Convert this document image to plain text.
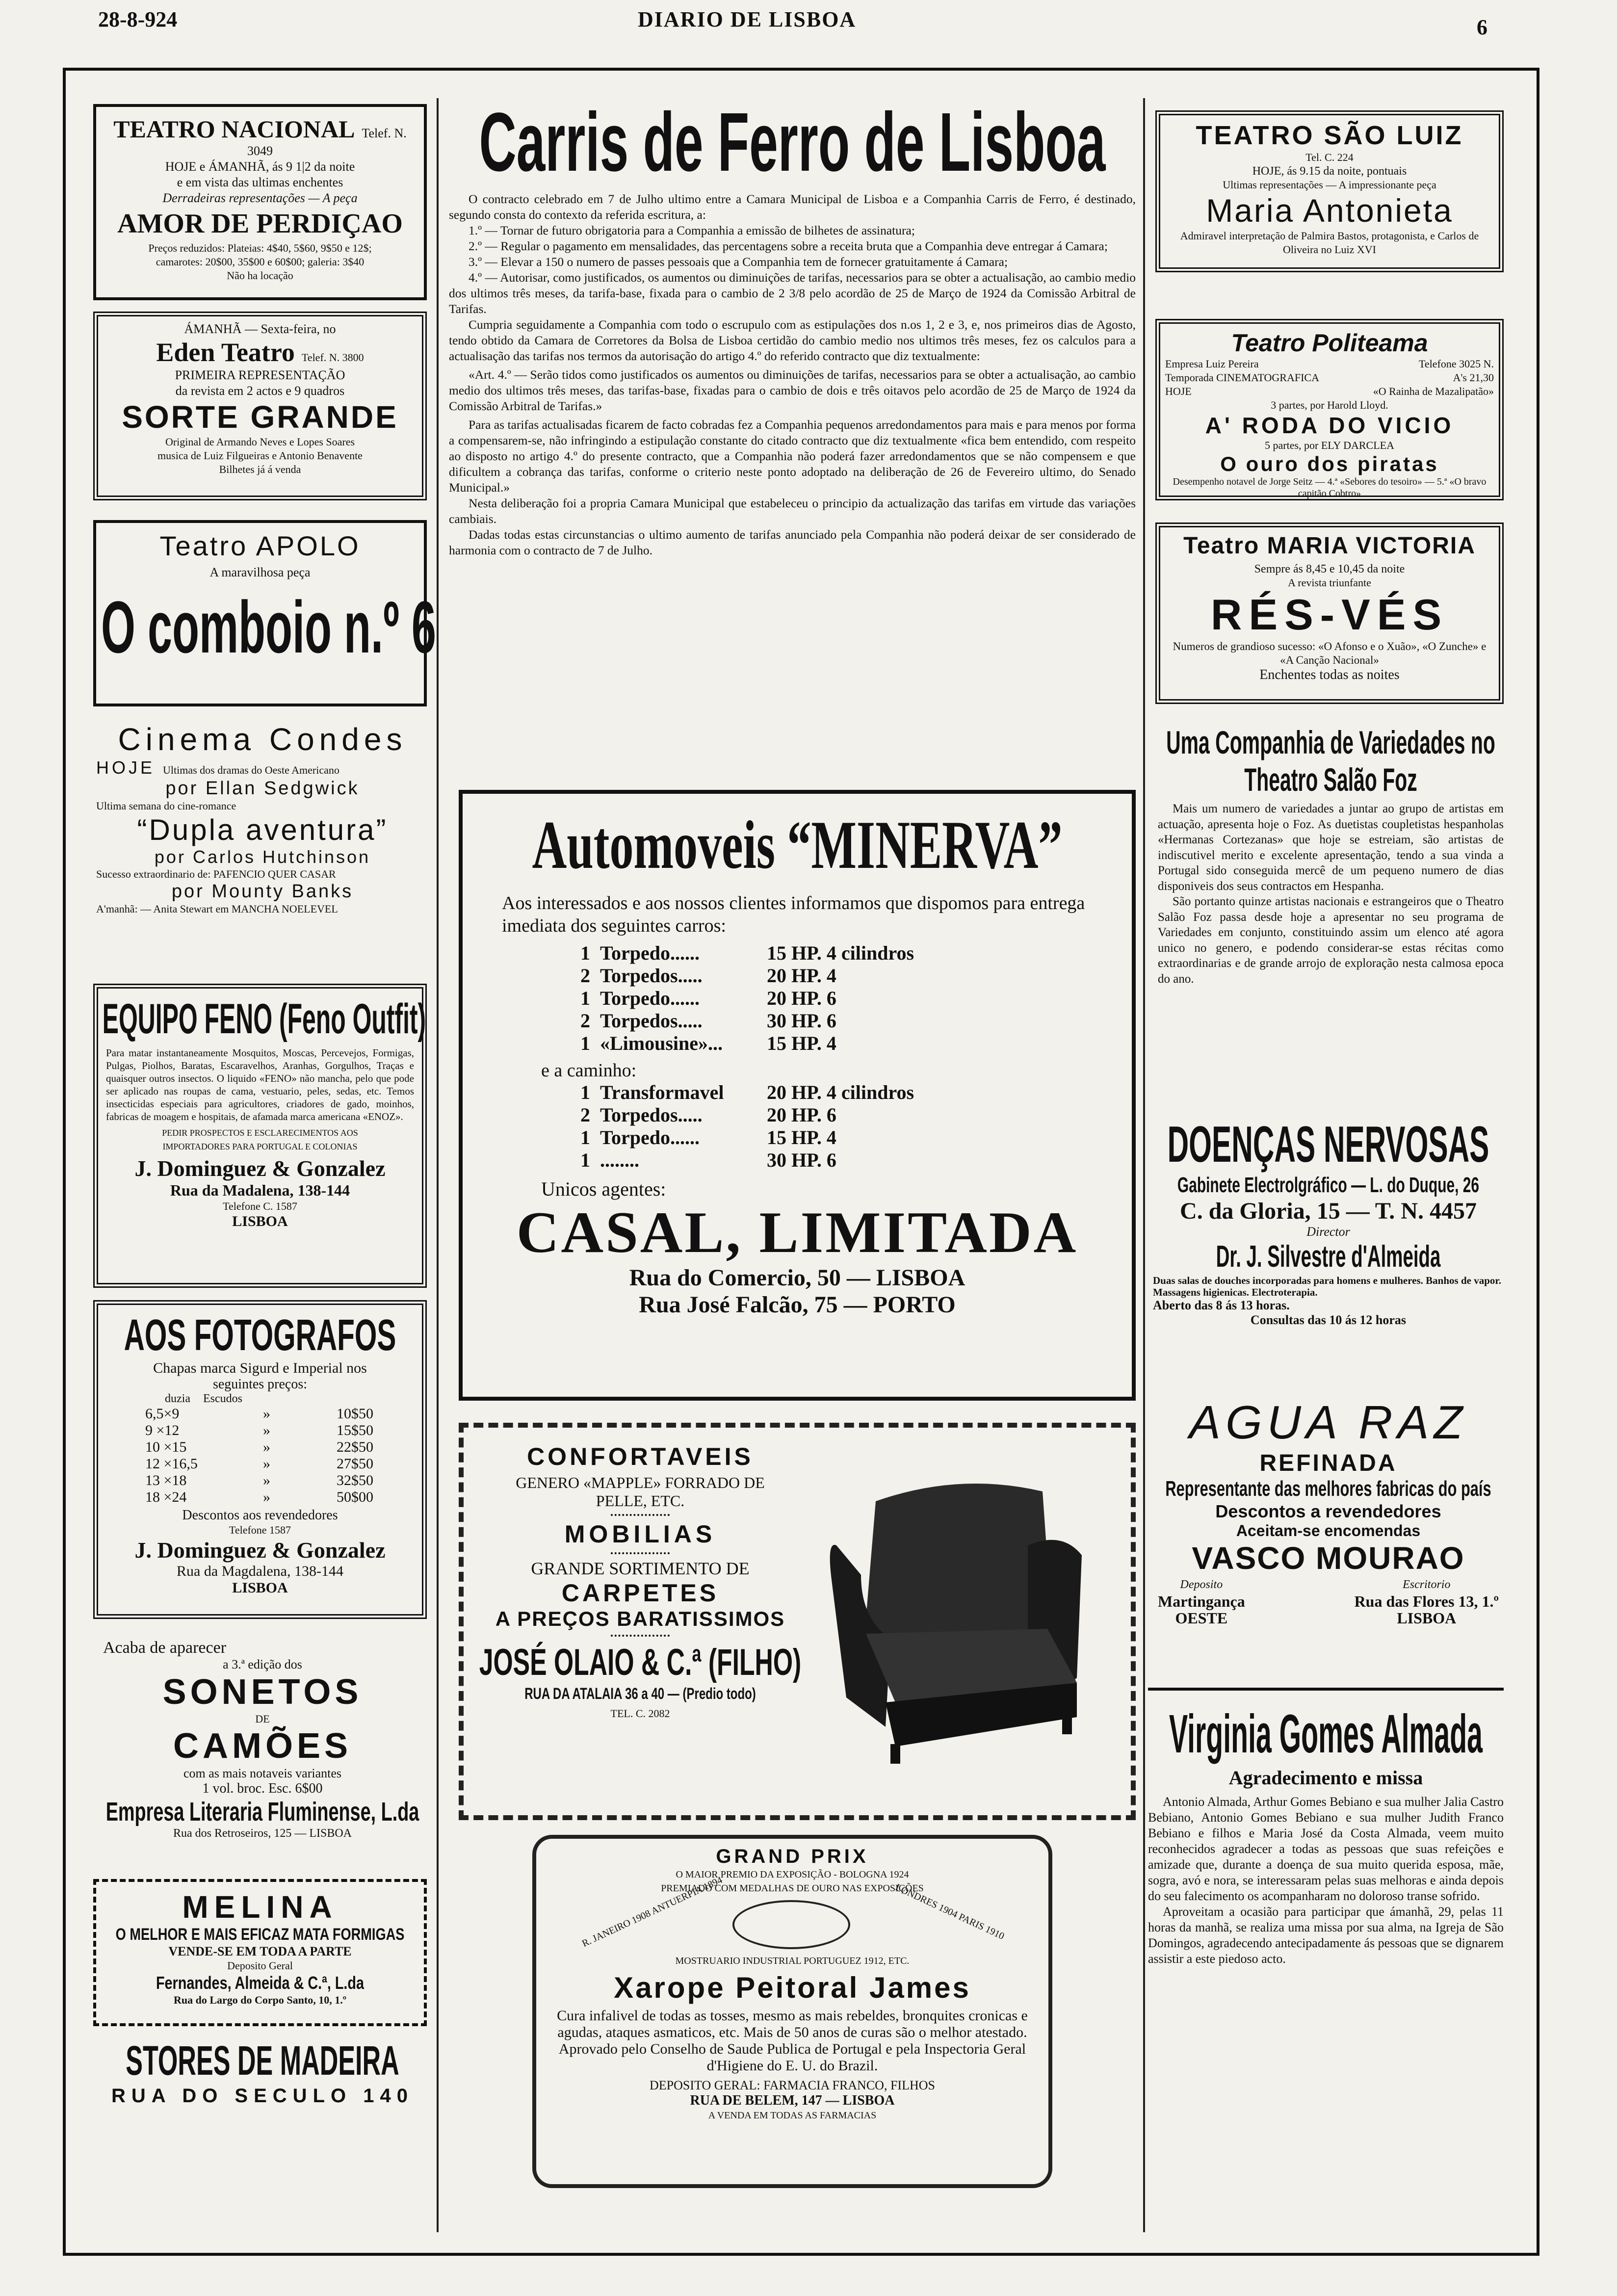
28-8-924	DIARIO DE LISBOA	6
TEATRO NACIONAL Telef. N. 3049
HOJE e ÁMANHÃ, ás 9 1|2 da noite
e em vista das ultimas enchentes
Derradeiras representações — A peça
AMOR DE PERDIÇAO
Preços reduzidos: Plateias: 4$40, 5$60, 9$50 e 12$;
camarotes: 20$00, 35$00 e 60$00; galeria: 3$40
Não ha locação
ÁMANHÃ — Sexta-feira, no
Eden Teatro Telef. N. 3800
PRIMEIRA REPRESENTAÇÃO
da revista em 2 actos e 9 quadros
SORTE GRANDE
Original de Armando Neves e Lopes Soares
musica de Luiz Filgueiras e Antonio Benavente
Bilhetes já á venda
Teatro APOLO
A maravilhosa peça
O comboio n.º 6
Cinema Condes
HOJE Ultimas dos dramas do Oeste Americano
por Ellan Sedgwick
Ultima semana do cine-romance
“Dupla aventura”
por Carlos Hutchinson
Sucesso extraordinario de: PAFENCIO QUER CASAR
por Mounty Banks
A'manhã: — Anita Stewart em MANCHA NOELEVEL
EQUIPO FENO (Feno Outfit)
Para matar instantaneamente Mosquitos, Moscas, Percevejos, Formigas, Pulgas, Piolhos, Baratas, Escaravelhos, Aranhas, Gorgulhos, Traças e quaisquer outros insectos. O liquido «FENO» não mancha, pelo que pode ser aplicado nas roupas de cama, vestuario, peles, sedas, etc. Temos insecticidas especiais para agricultores, criadores de gado, moinhos, fabricas de moagem e hospitais, de afamada marca americana «ENOZ».
PEDIR PROSPECTOS E ESCLARECIMENTOS AOS
IMPORTADORES PARA PORTUGAL E COLONIAS
J. Dominguez & Gonzalez
Rua da Madalena, 138-144
Telefone C. 1587
LISBOA
AOS FOTOGRAFOS
Chapas marca Sigurd e Imperial nos
seguintes preços:
duzia Escudos
6,5×9	»	10$50
9 ×12	»	15$50
10 ×15	»	22$50
12 ×16,5	»	27$50
13 ×18	»	32$50
18 ×24	»	50$00
Descontos aos revendedores
Telefone 1587
J. Dominguez & Gonzalez
Rua da Magdalena, 138-144
LISBOA
Acaba de aparecer
a 3.ª edição dos
SONETOS
DE
CAMÕES
com as mais notaveis variantes
1 vol. broc. Esc. 6$00
Empresa Literaria Fluminense, L.da
Rua dos Retroseiros, 125 — LISBOA
MELINA
O MELHOR E MAIS EFICAZ MATA FORMIGAS
VENDE-SE EM TODA A PARTE
Deposito Geral
Fernandes, Almeida & C.ª, L.da
Rua do Largo do Corpo Santo, 10, 1.º
STORES DE MADEIRA
RUA DO SECULO 140
Carris de Ferro de Lisboa

O contracto celebrado em 7 de Julho ultimo entre a Camara Municipal de Lisboa e a Companhia Carris de Ferro, é destinado, segundo consta do contexto da referida escritura, a:

1.º — Tornar de futuro obrigatoria para a Companhia a emissão de bilhetes de assinatura;

2.º — Regular o pagamento em mensalidades, das percentagens sobre a receita bruta que a Companhia deve entregar á Camara;

3.º — Elevar a 150 o numero de passes pessoais que a Companhia tem de fornecer gratuitamente á Camara;

4.º — Autorisar, como justificados, os aumentos ou diminuições de tarifas, necessarios para se obter a actualisação, ao cambio medio dos ultimos três meses, da tarifa-base, fixada para o cambio de 2 3/8 pelo acordão de 25 de Março de 1924 da Comissão Arbitral de Tarifas.

Cumpria seguidamente a Companhia com todo o escrupulo com as estipulações dos n.os 1, 2 e 3, e, nos primeiros dias de Agosto, tendo obtido da Camara de Corretores da Bolsa de Lisboa certidão do cambio medio nos ultimos três meses, fez os calculos para a actualisação das tarifas nos termos da autorisação do artigo 4.º do referido contracto que diz textualmente:

«Art. 4.º — Serão tidos como justificados os aumentos ou diminuições de tarifas, necessarios para se obter a actualisação, ao cambio medio dos ultimos três meses, das tarifas-base, fixadas para o cambio de dois e três oitavos pelo acordão de 25 de Março de 1924 da Comissão Arbitral de Tarifas.»

Para as tarifas actualisadas ficarem de facto cobradas fez a Companhia pequenos arredondamentos para mais e para menos por forma a compensarem-se, não infringindo a estipulação constante do citado contracto que diz textualmente «fica bem entendido, com respeito ao disposto no artigo 4.º do presente contracto, que a Companhia não poderá fazer arredondamentos que se não compensem e que dificultem a cobrança das tarifas, conforme o criterio neste ponto adoptado na deliberação de 26 de Fevereiro ultimo, do Senado Municipal.»

Nesta deliberação foi a propria Camara Municipal que estabeleceu o principio da actualização das tarifas em virtude das variações cambiais.

Dadas todas estas circunstancias o ultimo aumento de tarifas anunciado pela Companhia não poderá deixar de ser considerado de harmonia com o contracto de 7 de Julho.

Automoveis “MINERVA”
Aos interessados e aos nossos clientes informamos que dispomos para entrega imediata dos seguintes carros:
1 Torpedo......	15 HP. 4 cilindros
2 Torpedos.....	20 HP. 4
1 Torpedo......	20 HP. 6
2 Torpedos.....	30 HP. 6
1 «Limousine»...	15 HP. 4
e a caminho:
1 Transformavel	20 HP. 4 cilindros
2 Torpedos.....	20 HP. 6
1 Torpedo......	15 HP. 4
1 ........	30 HP. 6
Unicos agentes:
CASAL, LIMITADA
Rua do Comercio, 50 — LISBOA
Rua José Falcão, 75 — PORTO
CONFORTAVEIS
GENERO «MAPPLE» FORRADO DE PELLE, ETC.
MOBILIAS
GRANDE SORTIMENTO DE
CARPETES
A PREÇOS BARATISSIMOS
JOSÉ OLAIO & C.ª (FILHO)
RUA DA ATALAIA 36 a 40 — (Predio todo)
TEL. C. 2082
GRAND PRIX
O MAIOR PREMIO DA EXPOSIÇÃO - BOLOGNA 1924
PREMIADO COM MEDALHAS DE OURO NAS EXPOSIÇÕES
R. JANEIRO 1908 ANTUERPIA 1894	LONDRES 1904 PARIS 1910
MOSTRUARIO INDUSTRIAL PORTUGUEZ 1912, ETC.
Xarope Peitoral James
Cura infalivel de todas as tosses, mesmo as mais rebeldes, bronquites cronicas e agudas, ataques asmaticos, etc. Mais de 50 anos de curas são o melhor atestado. Aprovado pelo Conselho de Saude Publica de Portugal e pela Inspectoria Geral d'Higiene do E. U. do Brazil.
DEPOSITO GERAL: FARMACIA FRANCO, FILHOS
RUA DE BELEM, 147 — LISBOA
A VENDA EM TODAS AS FARMACIAS
TEATRO SÃO LUIZ
Tel. C. 224
HOJE, ás 9.15 da noite, pontuais
Ultimas representações — A impressionante peça
Maria Antonieta
Admiravel interpretação de Palmira Bastos, protagonista, e Carlos de Oliveira no Luiz XVI
Teatro Politeama
Empresa Luiz Pereira	Telefone 3025 N.
Temporada CINEMATOGRAFICA	A's 21,30
HOJE	«O Rainha de Mazalipatão»
3 partes, por Harold Lloyd.
A' RODA DO VICIO
5 partes, por ELY DARCLEA
O ouro dos piratas
Desempenho notavel de Jorge Seitz — 4.ª «Sebores do tesoiro» — 5.ª «O bravo capitão Cobtro»
Teatro MARIA VICTORIA
Sempre ás 8,45 e 10,45 da noite
A revista triunfante
RÉS-VÉS
Numeros de grandioso sucesso: «O Afonso e o Xuão», «O Zunche» e «A Canção Nacional»
Enchentes todas as noites
Uma Companhia de Variedades no Theatro Salão Foz

Mais um numero de variedades a juntar ao grupo de artistas em actuação, apresenta hoje o Foz. As duetistas coupletistas hespanholas «Hermanas Cortezanas» que hoje se estreiam, são artistas de indiscutivel merito e excelente apresentação, tendo a sua vinda a Portugal sido conseguida mercê de um pequeno numero de dias disponiveis dos seus contractos em Hespanha.

São portanto quinze artistas nacionais e estrangeiros que o Theatro Salão Foz passa desde hoje a apresentar no seu programa de Variedades em conjunto, constituindo assim um elenco até agora unico no genero, e podendo considerar-se estas récitas como extraordinarias e de grande arrojo de exploração nesta calmosa epoca do ano.

DOENÇAS NERVOSAS
Gabinete Electrolgráfico — L. do Duque, 26
C. da Gloria, 15 — T. N. 4457
Director
Dr. J. Silvestre d'Almeida
Duas salas de douches incorporadas para homens e mulheres. Banhos de vapor. Massagens higienicas. Electroterapia.
Aberto das 8 ás 13 horas.
Consultas das 10 ás 12 horas
AGUA RAZ
REFINADA
Representante das melhores fabricas do país
Descontos a revendedores
Aceitam-se encomendas
VASCO MOURAO
Deposito
Martingança
OESTE
Escritorio
Rua das Flores 13, 1.º
LISBOA
Virginia Gomes Almada
Agradecimento e missa

Antonio Almada, Arthur Gomes Bebiano e sua mulher Jalia Castro Bebiano, Antonio Gomes Bebiano e sua mulher Judith Franco Bebiano e filhos e Maria José da Costa Almada, veem muito reconhecidos agradecer a todas as pessoas que suas refeições e amizade que, durante a doença de sua muito querida esposa, mãe, sogra, avó e nora, se interessaram pelas suas melhoras e ainda depois do seu falecimento os acompanharam no doloroso transe sofrido.

Aproveitam a ocasião para participar que ámanhã, 29, pelas 11 horas da manhã, se realiza uma missa por sua alma, na Igreja de São Domingos, agradecendo antecipadamente ás pessoas que se dignarem assistir a este piedoso acto.
